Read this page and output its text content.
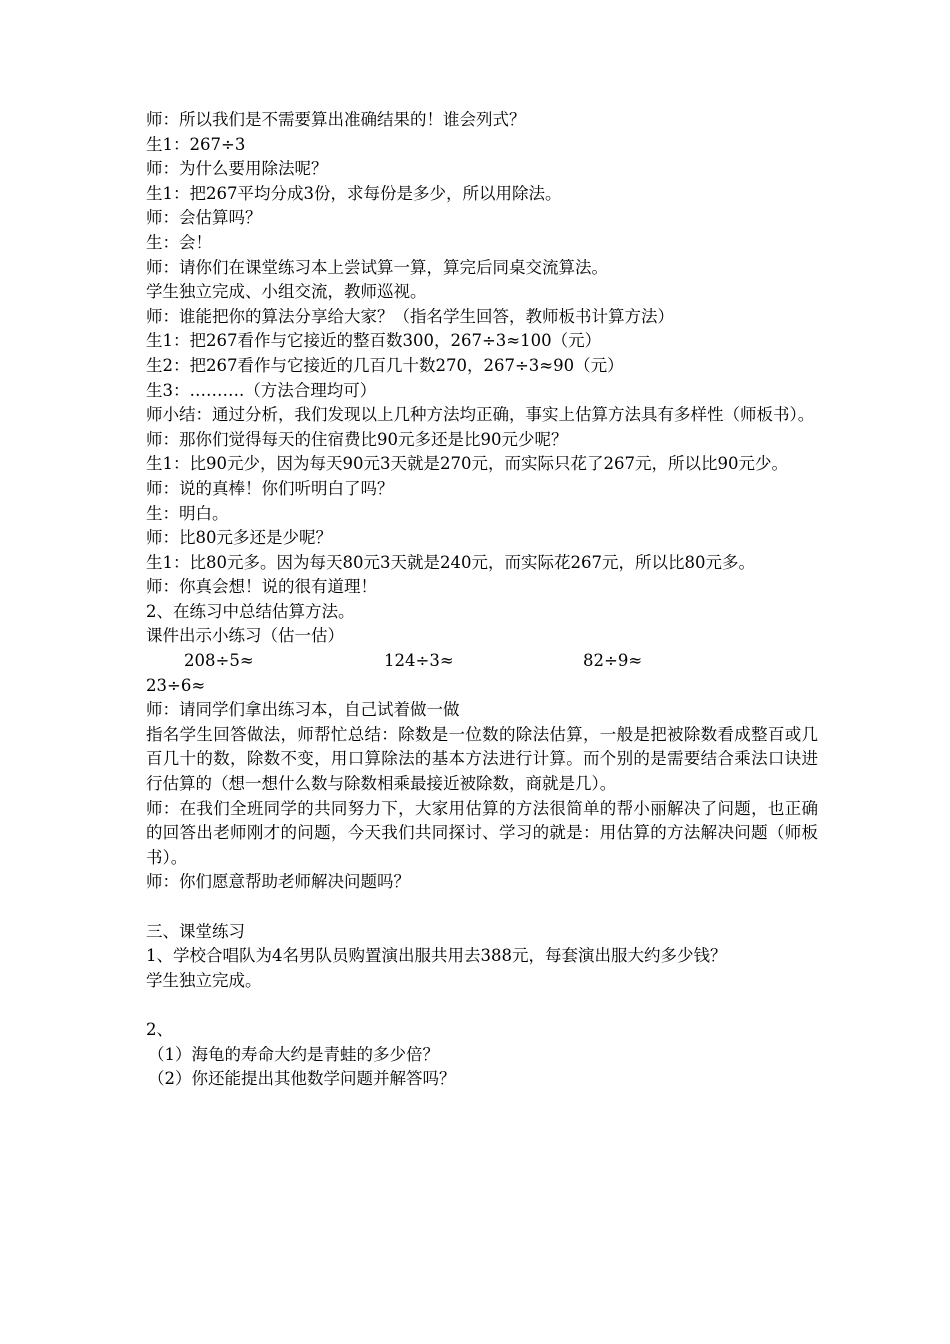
师：所以我们是不需要算出准确结果的！谁会列式？
生1：267÷3
师：为什么要用除法呢？
生1：把267平均分成3份，求每份是多少，所以用除法。
师：会估算吗？
生：会！
师：请你们在课堂练习本上尝试算一算，算完后同桌交流算法。
学生独立完成、小组交流，教师巡视。
师：谁能把你的算法分享给大家？（指名学生回答，教师板书计算方法）
生1：把267看作与它接近的整百数300，267÷3≈100（元）
生2：把267看作与它接近的几百几十数270，267÷3≈90（元）
生3：……….（方法合理均可）
师小结：通过分析，我们发现以上几种方法均正确，事实上估算方法具有多样性（师板书）。
师：那你们觉得每天的住宿费比90元多还是比90元少呢？
生1：比90元少，因为每天90元3天就是270元，而实际只花了267元，所以比90元少。
师：说的真棒！你们听明白了吗？
生：明白。
师：比80元多还是少呢？
生1：比80元多。因为每天80元3天就是240元，而实际花267元，所以比80元多。
师：你真会想！说的很有道理！
2、在练习中总结估算方法。
课件出示小练习（估一估）
208÷5≈	124÷3≈	82÷9≈
23÷6≈
师：请同学们拿出练习本，自己试着做一做
指名学生回答做法，师帮忙总结：除数是一位数的除法估算，一般是把被除数看成整百或几百几十的数，除数不变，用口算除法的基本方法进行计算。而个别的是需要结合乘法口诀进行估算的（想一想什么数与除数相乘最接近被除数，商就是几）。
师：在我们全班同学的共同努力下，大家用估算的方法很简单的帮小丽解决了问题，也正确的回答出老师刚才的问题，今天我们共同探讨、学习的就是：用估算的方法解决问题（师板书）。
师：你们愿意帮助老师解决问题吗？
三、课堂练习
1、学校合唱队为4名男队员购置演出服共用去388元，每套演出服大约多少钱？
学生独立完成。
2、
（1）海龟的寿命大约是青蛙的多少倍？
（2）你还能提出其他数学问题并解答吗？
